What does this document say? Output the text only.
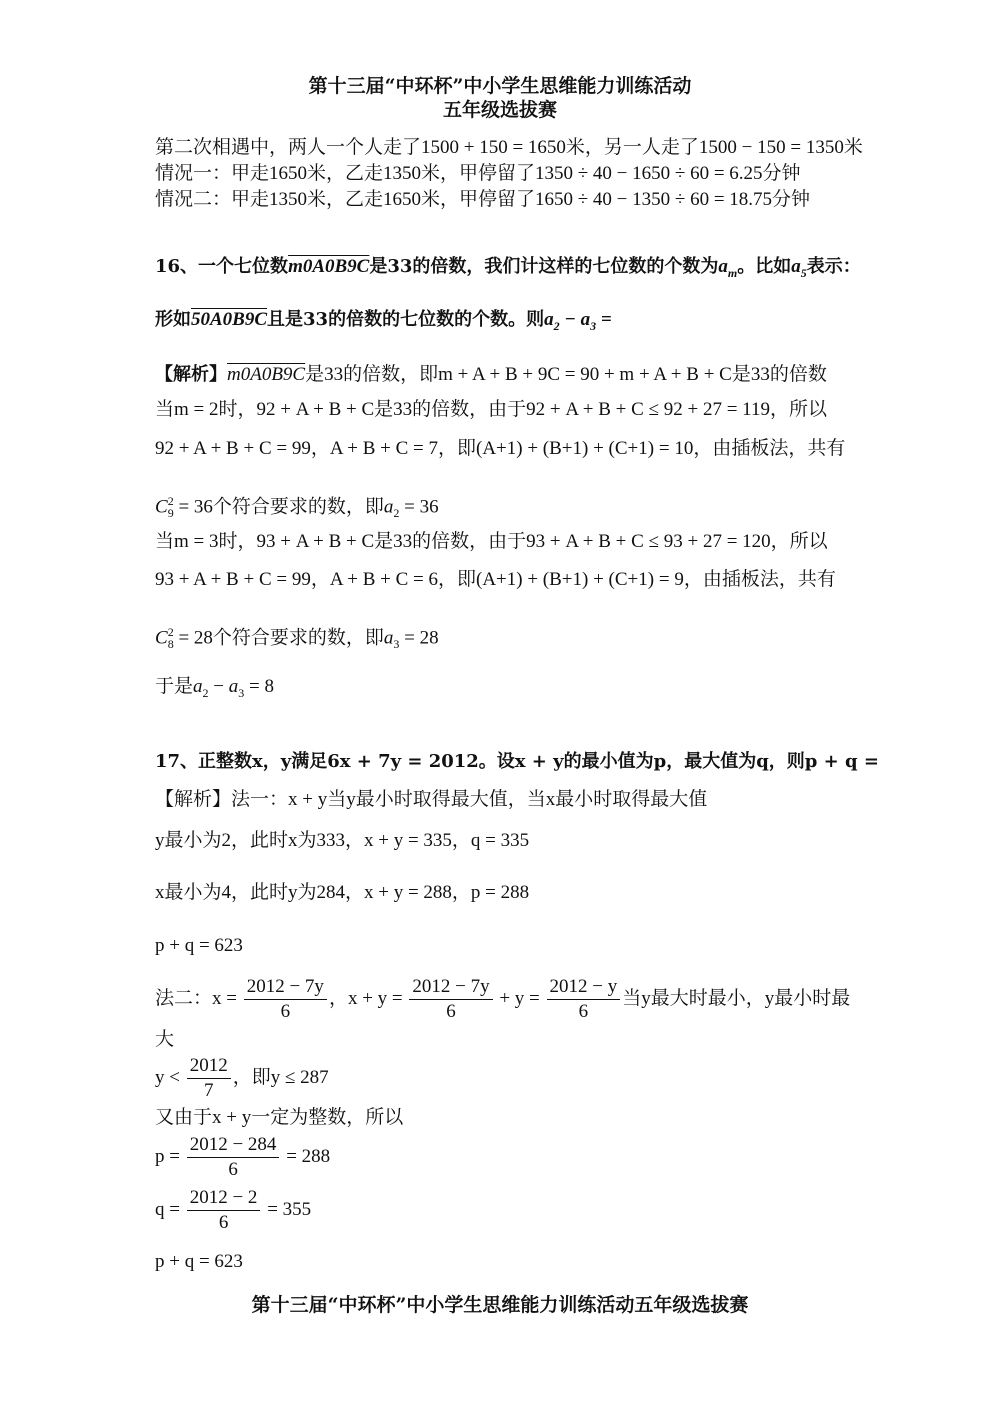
第十三届“中环杯”中小学生思维能力训练活动
五年级选拔赛
第二次相遇中，两人一个人走了1500 + 150 = 1650米，另一人走了1500 − 150 = 1350米
情况一：甲走1650米，乙走1350米，甲停留了1350 ÷ 40 − 1650 ÷ 60 = 6.25分钟
情况二：甲走1350米，乙走1650米，甲停留了1650 ÷ 40 − 1350 ÷ 60 = 18.75分钟
16、一个七位数m0A0B9C是33的倍数，我们计这样的七位数的个数为$a_m$。比如$a_5$表示：
形如50A0B9C且是33的倍数的七位数的个数。则$a_2 - a_3$ =
【解析】m0A0B9C是33的倍数，即m + A + B + 9C = 90 + m + A + B + C是33的倍数
当m = 2时，92 + A + B + C是33的倍数，由于92 + A + B + C ≤ 92 + 27 = 119，所以
92 + A + B + C = 99，A + B + C = 7，即(A+1) + (B+1) + (C+1) = 10，由插板法，共有
$C_9^2 = 36$个符合要求的数，即$a_2 = 36$
当m = 3时，93 + A + B + C是33的倍数，由于93 + A + B + C ≤ 93 + 27 = 120，所以
93 + A + B + C = 99，A + B + C = 6，即(A+1) + (B+1) + (C+1) = 9，由插板法，共有
$C_8^2 = 28$个符合要求的数，即$a_3 = 28$
于是$a_2 - a_3 = 8$
17、正整数x，y满足6x + 7y = 2012。设x + y的最小值为p，最大值为q，则p + q =
【解析】法一：x + y当y最小时取得最大值，当x最小时取得最大值
y最小为2，此时x为333，x + y = 335，q = 335
x最小为4，此时y为284，x + y = 288，p = 288
p + q = 623
法二：$x = \frac{2012 - 7y}{6}$ ，$x + y = \frac{2012 - 7y}{6} + y = \frac{2012 - y}{6}$ 当y最大时最小，y最小时最
大
$y < \frac{2012}{7}$ ，即y ≤ 287
又由于x + y一定为整数，所以
$p = \frac{2012 - 284}{6} = 288$
$q = \frac{2012 - 2}{6} = 355$
p + q = 623
第十三届“中环杯”中小学生思维能力训练活动五年级选拔赛
